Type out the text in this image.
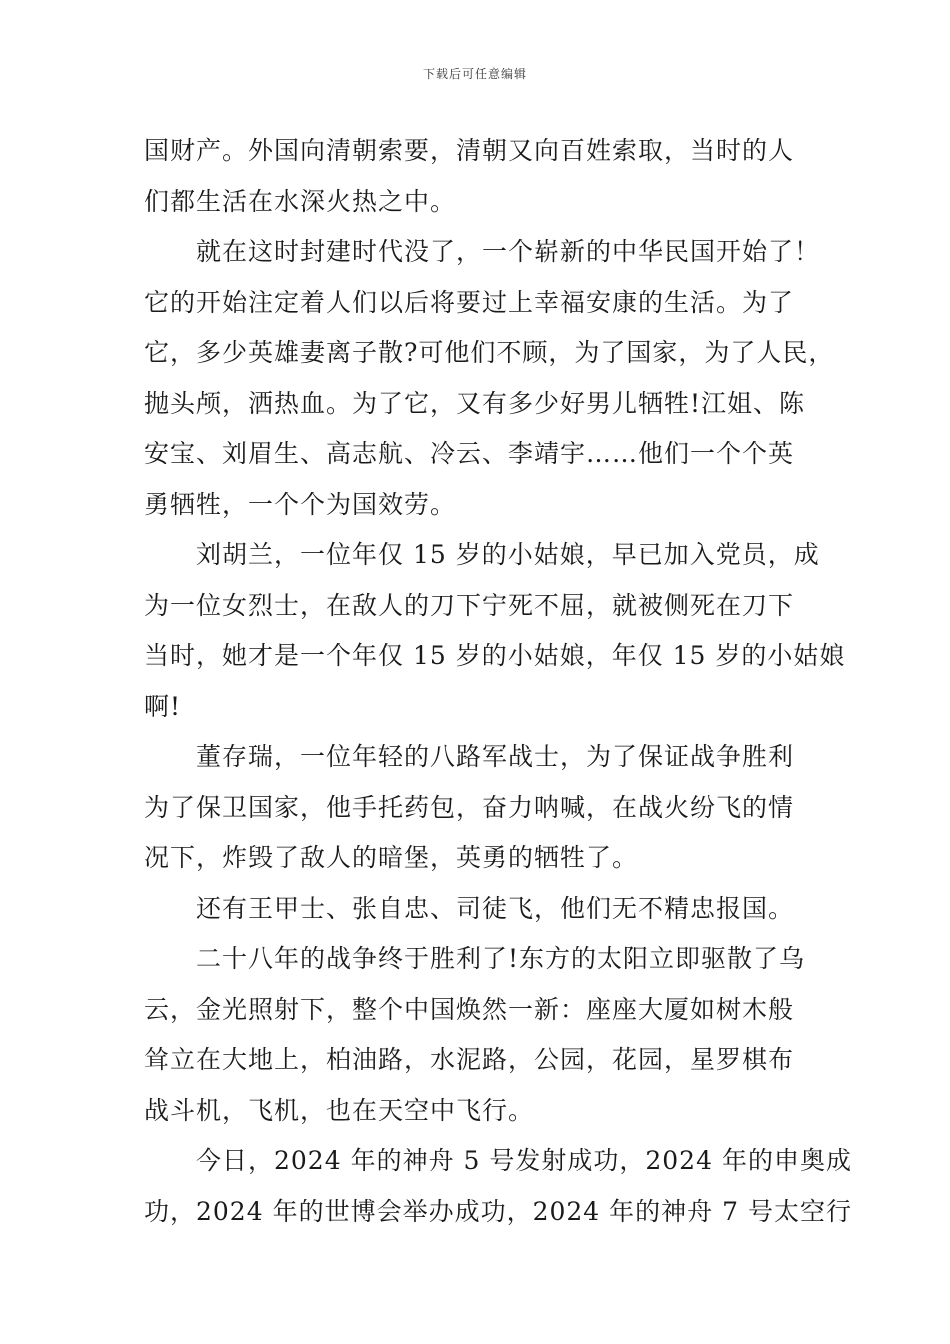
下载后可任意编辑
国财产。外国向清朝索要，清朝又向百姓索取，当时的人
们都生活在水深火热之中。
就在这时封建时代没了，一个崭新的中华民国开始了！
它的开始注定着人们以后将要过上幸福安康的生活。为了
它，多少英雄妻离子散?可他们不顾，为了国家，为了人民，
抛头颅，洒热血。为了它，又有多少好男儿牺牲!江姐、陈
安宝、刘眉生、高志航、冷云、李靖宇……他们一个个英
勇牺牲，一个个为国效劳。
刘胡兰，一位年仅 15 岁的小姑娘，早已加入党员，成
为一位女烈士，在敌人的刀下宁死不屈，就被侧死在刀下
当时，她才是一个年仅 15 岁的小姑娘，年仅 15 岁的小姑娘
啊!
董存瑞，一位年轻的八路军战士，为了保证战争胜利
为了保卫国家，他手托药包，奋力呐喊，在战火纷飞的情
况下，炸毁了敌人的暗堡，英勇的牺牲了。
还有王甲士、张自忠、司徒飞，他们无不精忠报国。
二十八年的战争终于胜利了!东方的太阳立即驱散了乌
云，金光照射下，整个中国焕然一新：座座大厦如树木般
耸立在大地上，柏油路，水泥路，公园，花园，星罗棋布
战斗机，飞机，也在天空中飞行。
今日，2024 年的神舟 5 号发射成功，2024 年的申奥成
功，2024 年的世博会举办成功，2024 年的神舟 7 号太空行
